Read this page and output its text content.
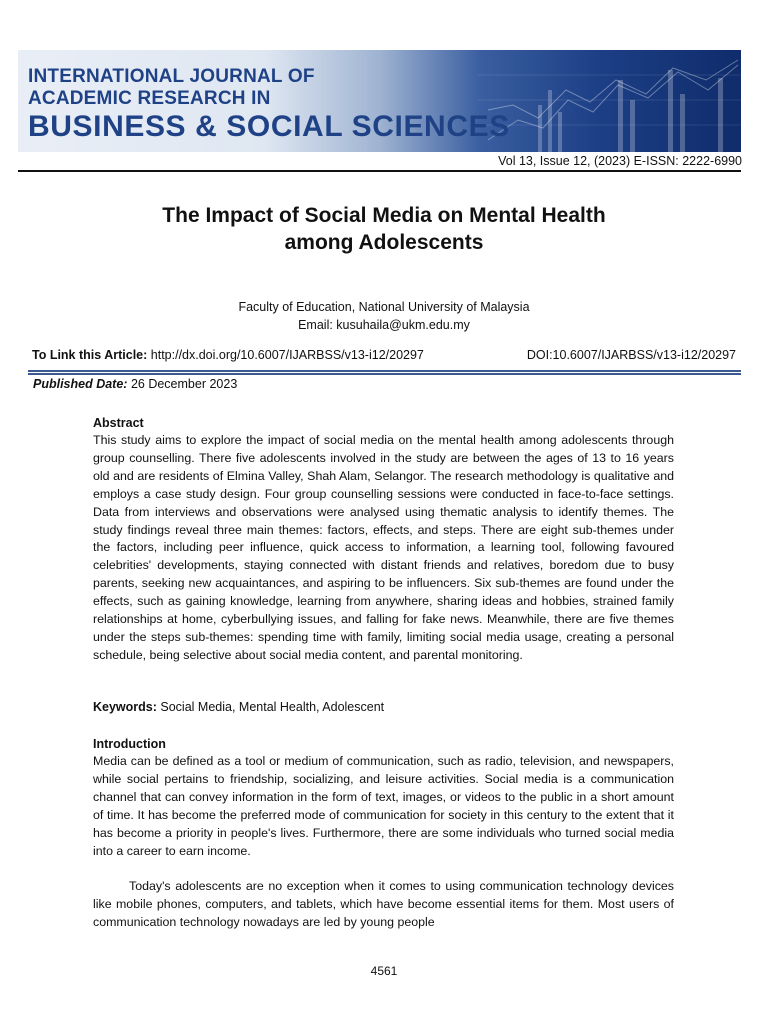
INTERNATIONAL JOURNAL OF
ACADEMIC RESEARCH IN
BUSINESS & SOCIAL SCIENCES
Vol 13, Issue 12, (2023) E-ISSN: 2222-6990
The Impact of Social Media on Mental Health
among Adolescents
Faculty of Education, National University of Malaysia
Email: kusuhaila@ukm.edu.my
To Link this Article: http://dx.doi.org/10.6007/IJARBSS/v13-i12/20297	DOI:10.6007/IJARBSS/v13-i12/20297
Published Date: 26 December 2023
Abstract
This study aims to explore the impact of social media on the mental health among adolescents through group counselling. There five adolescents involved in the study are between the ages of 13 to 16 years old and are residents of Elmina Valley, Shah Alam, Selangor. The research methodology is qualitative and employs a case study design. Four group counselling sessions were conducted in face-to-face settings. Data from interviews and observations were analysed using thematic analysis to identify themes. The study findings reveal three main themes: factors, effects, and steps. There are eight sub-themes under the factors, including peer influence, quick access to information, a learning tool, following favoured celebrities' developments, staying connected with distant friends and relatives, boredom due to busy parents, seeking new acquaintances, and aspiring to be influencers. Six sub-themes are found under the effects, such as gaining knowledge, learning from anywhere, sharing ideas and hobbies, strained family relationships at home, cyberbullying issues, and falling for fake news. Meanwhile, there are five themes under the steps sub-themes: spending time with family, limiting social media usage, creating a personal schedule, being selective about social media content, and parental monitoring.
Keywords: Social Media, Mental Health, Adolescent
Introduction
Media can be defined as a tool or medium of communication, such as radio, television, and newspapers, while social pertains to friendship, socializing, and leisure activities. Social media is a communication channel that can convey information in the form of text, images, or videos to the public in a short amount of time. It has become the preferred mode of communication for society in this century to the extent that it has become a priority in people's lives. Furthermore, there are some individuals who turned social media into a career to earn income.
Today's adolescents are no exception when it comes to using communication technology devices like mobile phones, computers, and tablets, which have become essential items for them. Most users of communication technology nowadays are led by young people
4561
